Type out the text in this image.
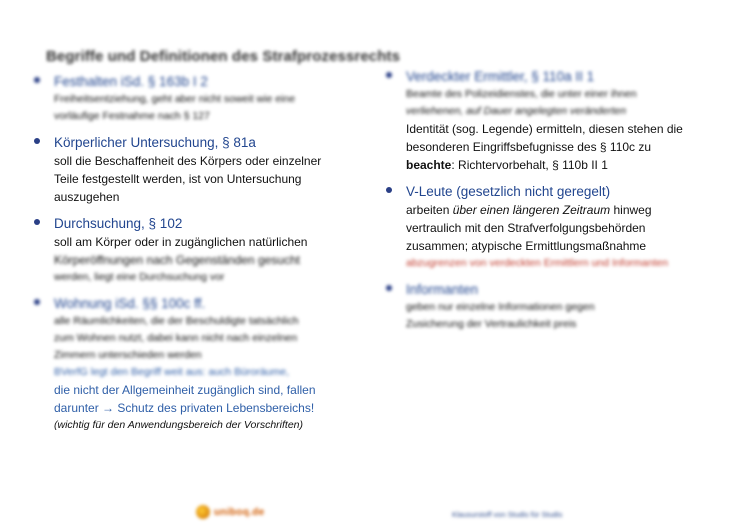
Begriffe und Definitionen des Strafprozessrechts

Festhalten iSd. § 163b I 2

Freiheitsentziehung, geht aber nicht soweit wie eine

vorläufige Festnahme nach § 127

Körperlicher Untersuchung, § 81a

soll die Beschaffenheit des Körpers oder einzelner

Teile festgestellt werden, ist von Untersuchung

auszugehen

Durchsuchung, § 102

soll am Körper oder in zugänglichen natürlichen

Körperöffnungen nach Gegenständen gesucht

werden, liegt eine Durchsuchung vor

Wohnung iSd. §§ 100c ff.

alle Räumlichkeiten, die der Beschuldigte tatsächlich

zum Wohnen nutzt, dabei kann nicht nach einzelnen

Zimmern unterschieden werden

BVerfG legt den Begriff weit aus: auch Büroräume,

die nicht der Allgemeinheit zugänglich sind, fallen

darunter → Schutz des privaten Lebensbereichs!

(wichtig für den Anwendungsbereich der Vorschriften)

Verdeckter Ermittler, § 110a II 1

Beamte des Polizeidienstes, die unter einer ihnen

verliehenen, auf Dauer angelegten veränderten

Identität (sog. Legende) ermitteln, diesen stehen die

besonderen Eingriffsbefugnisse des § 110c zu

beachte: Richtervorbehalt, § 110b II 1

V-Leute (gesetzlich nicht geregelt)

arbeiten über einen längeren Zeitraum hinweg

vertraulich mit den Strafverfolgungsbehörden

zusammen; atypische Ermittlungsmaßnahme

abzugrenzen von verdeckten Ermittlern und Informanten

Informanten

geben nur einzelne Informationen gegen

Zusicherung der Vertraulichkeit preis

uniboq.de	Klausurstoff von Studis für Studis
